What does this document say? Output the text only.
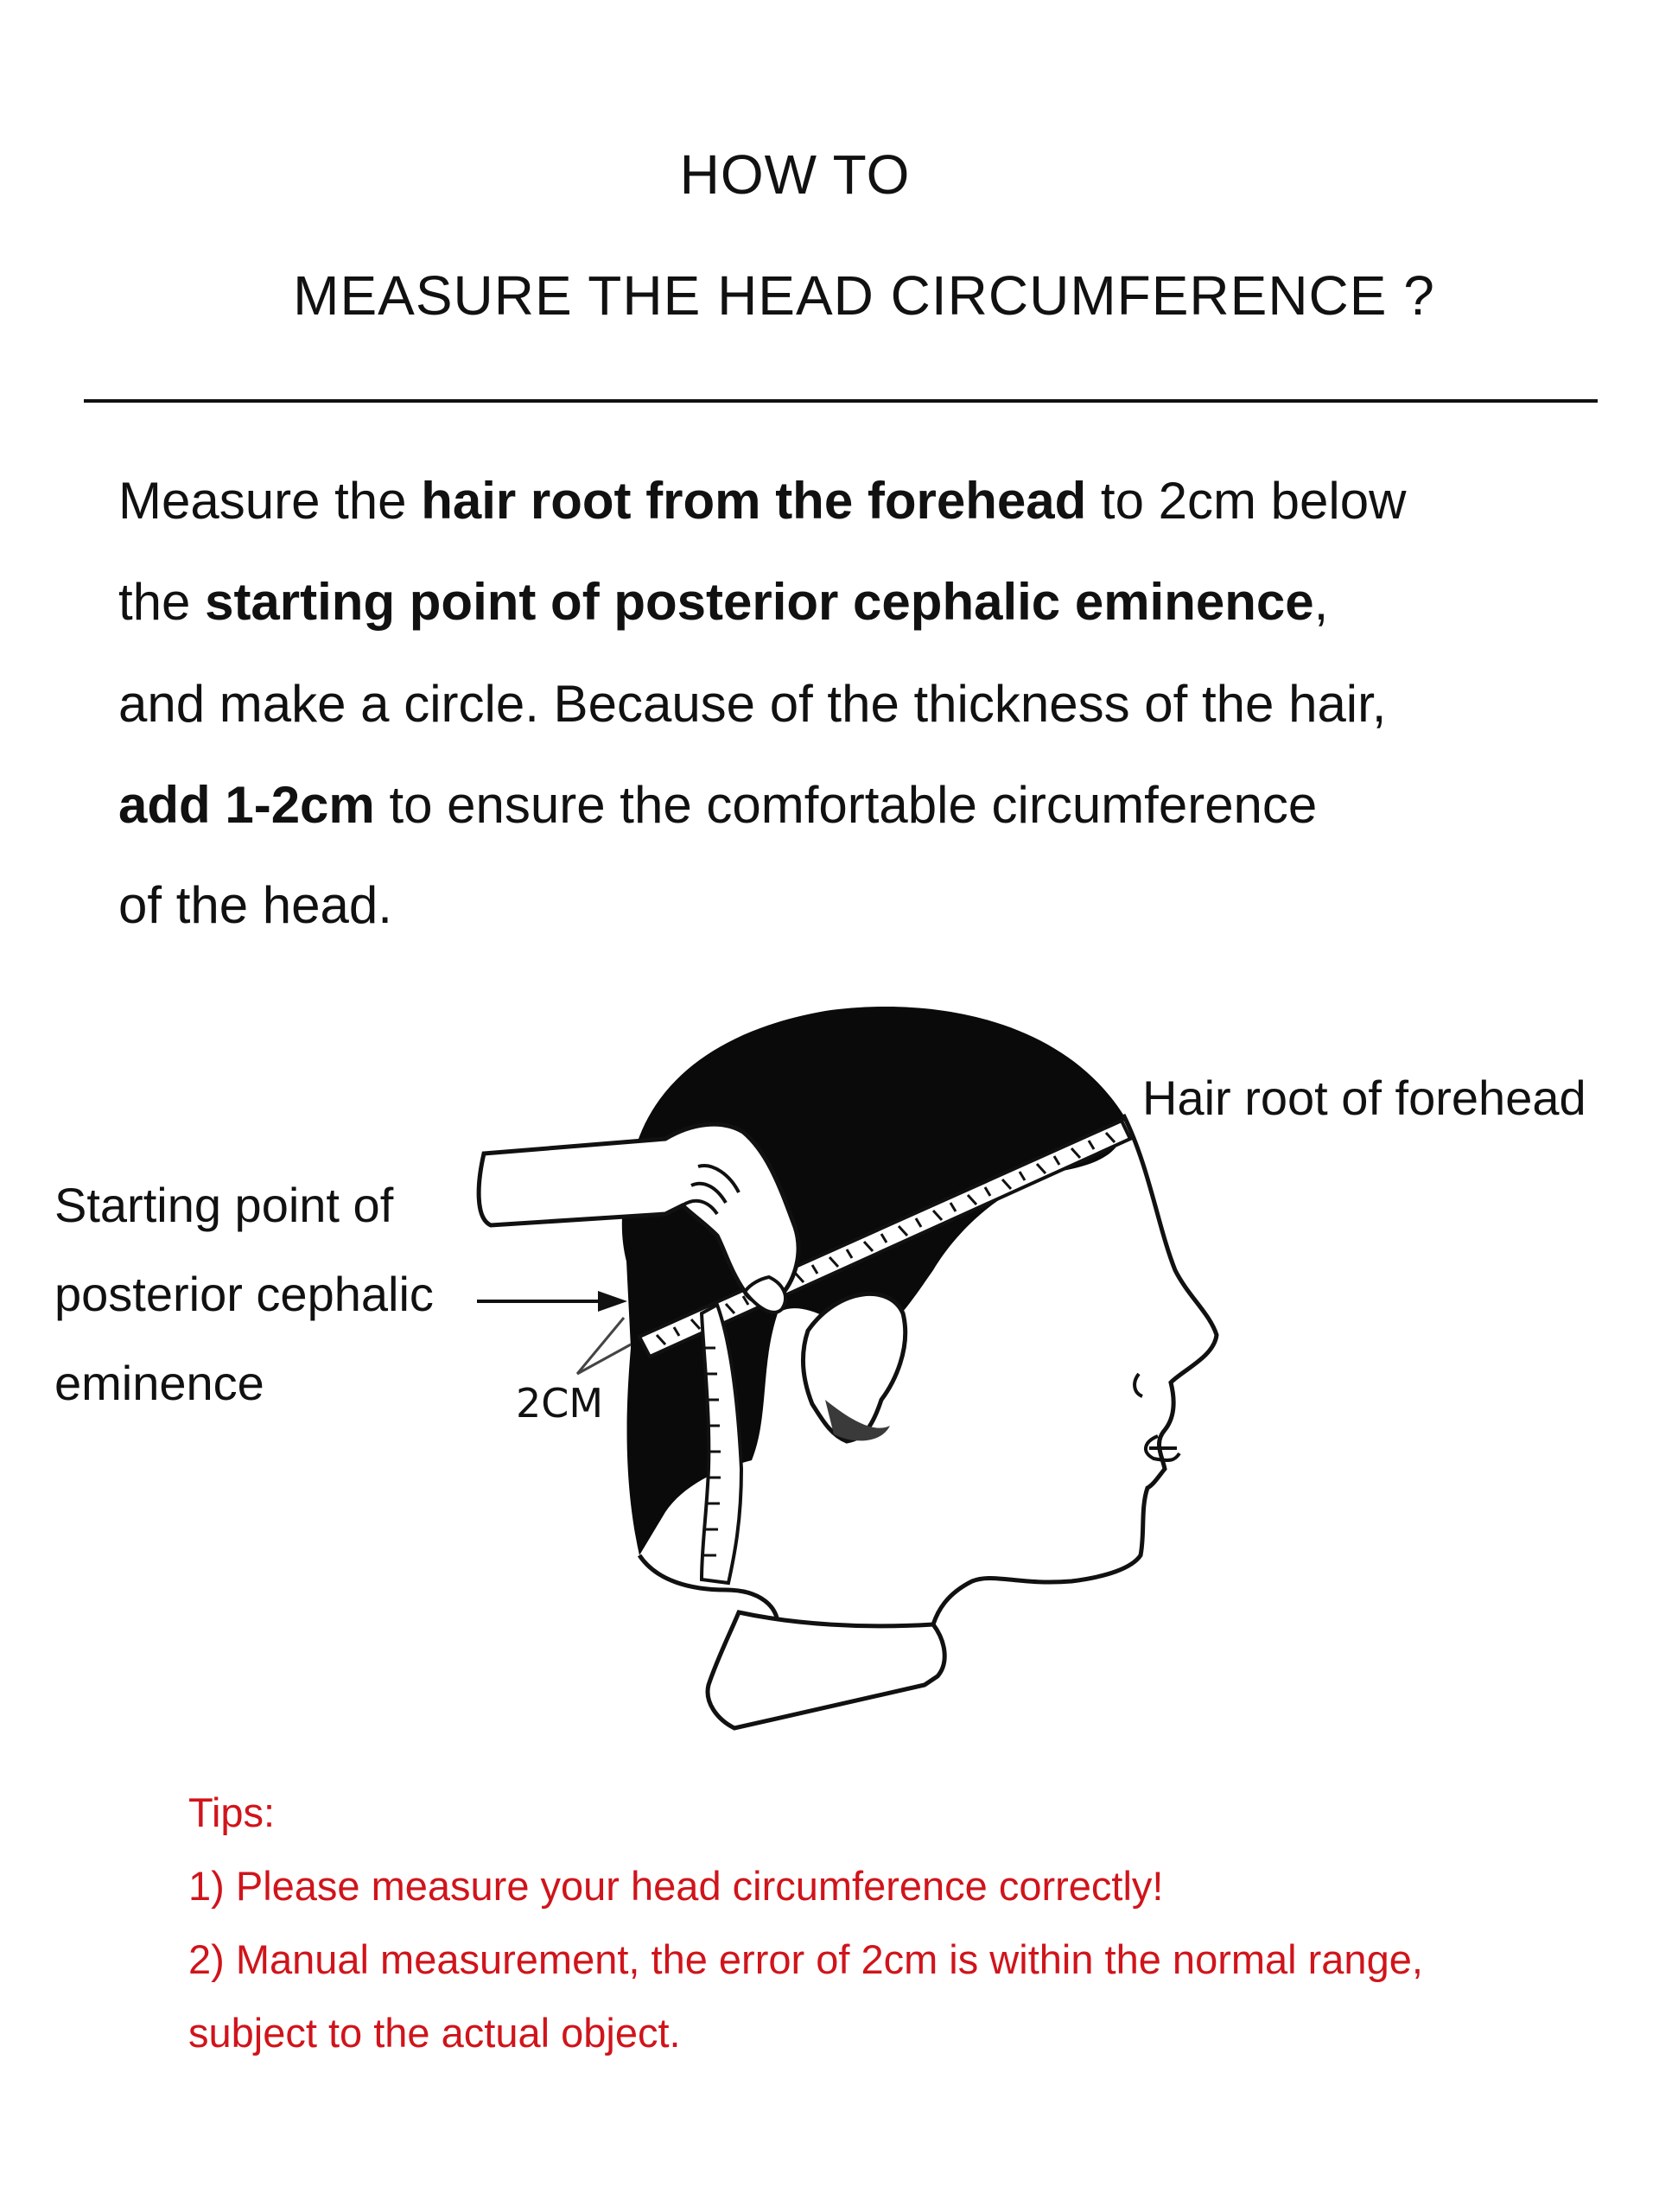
HOW TO
MEASURE THE HEAD CIRCUMFERENCE ?
Measure the hair root from the forehead to 2cm below
the starting point of posterior cephalic eminence,
and make a circle. Because of the thickness of the hair,
add 1-2cm to ensure the comfortable circumference
of the head.
Hair root of forehead
Starting point of
posterior cephalic
eminence	2CM
Tips:
1) Please measure your head circumference correctly!
2) Manual measurement, the error of 2cm is within the normal range,
subject to the actual object.
